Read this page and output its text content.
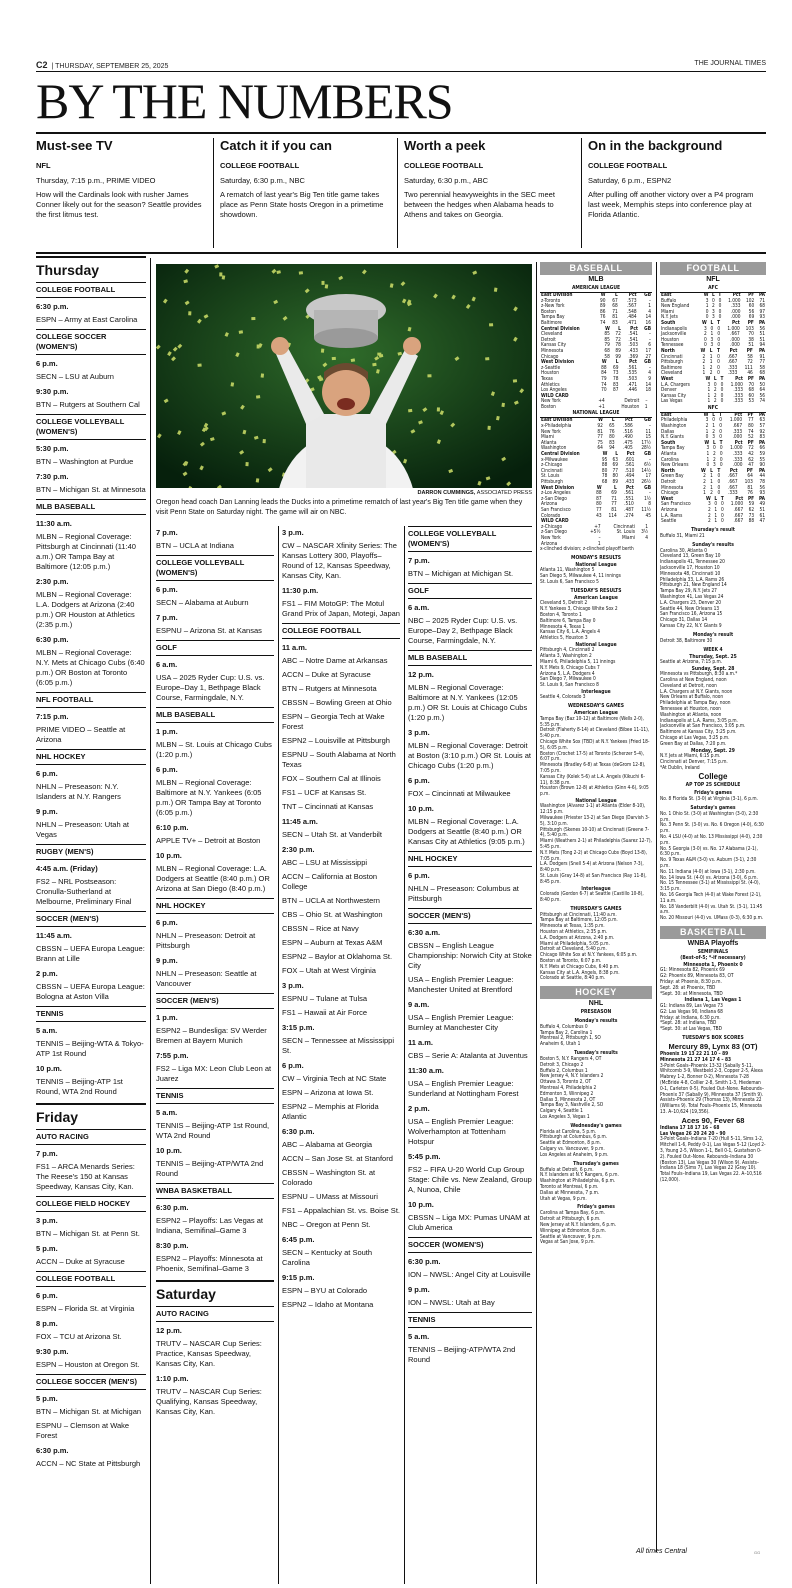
C2 | THURSDAY, SEPTEMBER 25, 2025	THE JOURNAL TIMES
BY THE NUMBERS
Must-see TV
NFL
Thursday, 7:15 p.m., PRIME VIDEO
How will the Cardinals look with rusher James Conner likely out for the season? Seattle provides the first litmus test.
Catch it if you can
COLLEGE FOOTBALL
Saturday, 6:30 p.m., NBC
A rematch of last year's Big Ten title game takes place as Penn State hosts Oregon in a primetime showdown.
Worth a peek
COLLEGE FOOTBALL
Saturday, 6:30 p.m., ABC
Two perennial heavyweights in the SEC meet between the hedges when Alabama heads to Athens and takes on Georgia.
On in the background
COLLEGE FOOTBALL
Saturday, 6 p.m., ESPN2
After pulling off another victory over a P4 program last week, Memphis steps into conference play at Florida Atlantic.
Thursday
COLLEGE FOOTBALL
6:30 p.m.
ESPN – Army at East Carolina
COLLEGE SOCCER (WOMEN'S)
6 p.m.
SECN – LSU at Auburn
9:30 p.m.
BTN – Rutgers at Southern Cal
COLLEGE VOLLEYBALL (WOMEN'S)
5:30 p.m.
BTN – Washington at Purdue
7:30 p.m.
BTN – Michigan St. at Minnesota
MLB BASEBALL
11:30 a.m.
MLBN – Regional Coverage: Pittsburgh at Cincinnati (11:40 a.m.) OR Tampa Bay at Baltimore (12:05 p.m.)
2:30 p.m.
MLBN – Regional Coverage: L.A. Dodgers at Arizona (2:40 p.m.) OR Houston at Athletics (2:35 p.m.)
6:30 p.m.
MLBN – Regional Coverage: N.Y. Mets at Chicago Cubs (6:40 p.m.) OR Boston at Toronto (6:05 p.m.)
NFL FOOTBALL
7:15 p.m.
PRIME VIDEO – Seattle at Arizona
NHL HOCKEY
6 p.m.
NHLN – Preseason: N.Y. Islanders at N.Y. Rangers
9 p.m.
NHLN – Preseason: Utah at Vegas
RUGBY (MEN'S)
4:45 a.m. (Friday)
FS2 – NRL Postseason: Cronulla-Sutherland at Melbourne, Preliminary Final
SOCCER (MEN'S)
11:45 a.m.
CBSSN – UEFA Europa League: Brann at Lille
2 p.m.
CBSSN – UEFA Europa League: Bologna at Aston Villa
TENNIS
5 a.m.
TENNIS – Beijing-WTA & Tokyo-ATP 1st Round
10 p.m.
TENNIS – Beijing-ATP 1st Round, WTA 2nd Round
Friday
AUTO RACING
7 p.m.
FS1 – ARCA Menards Series: The Reese's 150 at Kansas Speedway, Kansas City, Kan.
COLLEGE FIELD HOCKEY
3 p.m.
BTN – Michigan St. at Penn St.
5 p.m.
ACCN – Duke at Syracuse
COLLEGE FOOTBALL
6 p.m.
ESPN – Florida St. at Virginia
8 p.m.
FOX – TCU at Arizona St.
9:30 p.m.
ESPN – Houston at Oregon St.
COLLEGE SOCCER (MEN'S)
5 p.m.
BTN – Michigan St. at Michigan
ESPNU – Clemson at Wake Forest
6:30 p.m.
ACCN – NC State at Pittsburgh
DARRON CUMMINGS, ASSOCIATED PRESS
Oregon head coach Dan Lanning leads the Ducks into a primetime rematch of last year's Big Ten title game when they visit Penn State on Saturday night. The game will air on NBC.
7 p.m.
BTN – UCLA at Indiana
COLLEGE VOLLEYBALL (WOMEN'S)
6 p.m.
SECN – Alabama at Auburn
7 p.m.
ESPNU – Arizona St. at Kansas
GOLF
6 a.m.
USA – 2025 Ryder Cup: U.S. vs. Europe–Day 1, Bethpage Black Course, Farmingdale, N.Y.
MLB BASEBALL
1 p.m.
MLBN – St. Louis at Chicago Cubs (1:20 p.m.)
6 p.m.
MLBN – Regional Coverage: Baltimore at N.Y. Yankees (6:05 p.m.) OR Tampa Bay at Toronto (6:05 p.m.)
6:10 p.m.
APPLE TV+ – Detroit at Boston
10 p.m.
MLBN – Regional Coverage: L.A. Dodgers at Seattle (8:40 p.m.) OR Arizona at San Diego (8:40 p.m.)
NHL HOCKEY
6 p.m.
NHLN – Preseason: Detroit at Pittsburgh
9 p.m.
NHLN – Preseason: Seattle at Vancouver
SOCCER (MEN'S)
1 p.m.
ESPN2 – Bundesliga: SV Werder Bremen at Bayern Munich
7:55 p.m.
FS2 – Liga MX: Leon Club Leon at Juarez
TENNIS
5 a.m.
TENNIS – Beijing-ATP 1st Round, WTA 2nd Round
10 p.m.
TENNIS – Beijing-ATP/WTA 2nd Round
WNBA BASKETBALL
6:30 p.m.
ESPN2 – Playoffs: Las Vegas at Indiana, Semifinal–Game 3
8:30 p.m.
ESPN2 – Playoffs: Minnesota at Phoenix, Semifinal–Game 3
Saturday
AUTO RACING
12 p.m.
TRUTV – NASCAR Cup Series: Practice, Kansas Speedway, Kansas City, Kan.
1:10 p.m.
TRUTV – NASCAR Cup Series: Qualifying, Kansas Speedway, Kansas City, Kan.
3 p.m.
CW – NASCAR Xfinity Series: The Kansas Lottery 300, Playoffs–Round of 12, Kansas Speedway, Kansas City, Kan.
11:30 p.m.
FS1 – FIM MotoGP: The Motul Grand Prix of Japan, Motegi, Japan
COLLEGE FOOTBALL
11 a.m.
ABC – Notre Dame at Arkansas
ACCN – Duke at Syracuse
BTN – Rutgers at Minnesota
CBSSN – Bowling Green at Ohio
ESPN – Georgia Tech at Wake Forest
ESPN2 – Louisville at Pittsburgh
ESPNU – South Alabama at North Texas
FOX – Southern Cal at Illinois
FS1 – UCF at Kansas St.
TNT – Cincinnati at Kansas
11:45 a.m.
SECN – Utah St. at Vanderbilt
2:30 p.m.
ABC – LSU at Mississippi
ACCN – California at Boston College
BTN – UCLA at Northwestern
CBS – Ohio St. at Washington
CBSSN – Rice at Navy
ESPN – Auburn at Texas A&M
ESPN2 – Baylor at Oklahoma St.
FOX – Utah at West Virginia
3 p.m.
ESPNU – Tulane at Tulsa
FS1 – Hawaii at Air Force
3:15 p.m.
SECN – Tennessee at Mississippi St.
6 p.m.
CW – Virginia Tech at NC State
ESPN – Arizona at Iowa St.
ESPN2 – Memphis at Florida Atlantic
6:30 p.m.
ABC – Alabama at Georgia
ACCN – San Jose St. at Stanford
CBSSN – Washington St. at Colorado
ESPNU – UMass at Missouri
FS1 – Appalachian St. vs. Boise St.
NBC – Oregon at Penn St.
6:45 p.m.
SECN – Kentucky at South Carolina
9:15 p.m.
ESPN – BYU at Colorado
ESPN2 – Idaho at Montana
COLLEGE VOLLEYBALL (WOMEN'S)
7 p.m.
BTN – Michigan at Michigan St.
GOLF
6 a.m.
NBC – 2025 Ryder Cup: U.S. vs. Europe–Day 2, Bethpage Black Course, Farmingdale, N.Y.
MLB BASEBALL
12 p.m.
MLBN – Regional Coverage: Baltimore at N.Y. Yankees (12:05 p.m.) OR St. Louis at Chicago Cubs (1:20 p.m.)
3 p.m.
MLBN – Regional Coverage: Detroit at Boston (3:10 p.m.) OR St. Louis at Chicago Cubs (1:20 p.m.)
6 p.m.
FOX – Cincinnati at Milwaukee
10 p.m.
MLBN – Regional Coverage: L.A. Dodgers at Seattle (8:40 p.m.) OR Kansas City at Athletics (9:05 p.m.)
NHL HOCKEY
6 p.m.
NHLN – Preseason: Columbus at Pittsburgh
SOCCER (MEN'S)
6:30 a.m.
CBSSN – English League Championship: Norwich City at Stoke City
USA – English Premier League: Manchester United at Brentford
9 a.m.
USA – English Premier League: Burnley at Manchester City
11 a.m.
CBS – Serie A: Atalanta at Juventus
11:30 a.m.
USA – English Premier League: Sunderland at Nottingham Forest
2 p.m.
USA – English Premier League: Wolverhampton at Tottenham Hotspur
5:45 p.m.
FS2 – FIFA U-20 World Cup Group Stage: Chile vs. New Zealand, Group A, Nunoa, Chile
10 p.m.
CBSSN – Liga MX: Pumas UNAM at Club America
SOCCER (WOMEN'S)
6:30 p.m.
ION – NWSL: Angel City at Louisville
9 p.m.
ION – NWSL: Utah at Bay
TENNIS
5 a.m.
TENNIS – Beijing-ATP/WTA 2nd Round
BASEBALL
MLB
AMERICAN LEAGUE
East Division	W	L	Pct	GB
z-Toronto	90	67	.573	–
z-New York	89	68	.567	1
Boston	86	71	.548	4
Tampa Bay	76	81	.484	14
Baltimore	74	83	.471	16
Central Division	W	L	Pct	GB
Cleveland	85	72	.541	–
Detroit	85	72	.541	–
Kansas City	79	78	.503	6
Minnesota	68	89	.433	17
Chicago	58	99	.369	27
West Division	W	L	Pct	GB
z-Seattle	88	69	.561	–
Houston	84	73	.535	4
Texas	79	78	.503	9
Athletics	74	83	.471	14
Los Angeles	70	87	.446	18
WILD CARD				
New York	+4	Detroit	–	
Boston	+1	Houston	1	
NATIONAL LEAGUE
East Division	W	L	Pct	GB
x-Philadelphia	92	65	.586	–
New York	81	76	.516	11
Miami	77	80	.490	15
Atlanta	75	83	.475	17½
Washington	64	94	.405	28½
Central Division	W	L	Pct	GB
x-Milwaukee	95	63	.601	–
z-Chicago	88	69	.561	6½
Cincinnati	80	77	.510	14½
St. Louis	78	80	.494	17
Pittsburgh	68	89	.433	26½
West Division	W	L	Pct	GB
z-Los Angeles	88	69	.561	–
z-San Diego	87	71	.551	1½
Arizona	80	77	.510	8
San Francisco	77	81	.487	11½
Colorado	43	114	.274	45
WILD CARD				
z-Chicago	+7	Cincinnati	1	
z-San Diego	+5½	St. Louis	3½	
New York	–	Miami	4	
Arizona	1			
x-clinched division; z-clinched playoff berth
MONDAY'S RESULTS
National League
Atlanta 11, Washington 5
San Diego 5, Milwaukee 4, 11 innings
St. Louis 6, San Francisco 5
TUESDAY'S RESULTS
American League
Cleveland 5, Detroit 2
N.Y. Yankees 3, Chicago White Sox 2
Boston 4, Toronto 1
Baltimore 6, Tampa Bay 0
Minnesota 4, Texas 1
Kansas City 6, L.A. Angels 4
Athletics 5, Houston 3
National League
Pittsburgh 4, Cincinnati 2
Atlanta 3, Washington 2
Miami 6, Philadelphia 5, 11 innings
N.Y. Mets 9, Chicago Cubs 7
Arizona 5, L.A. Dodgers 4
San Diego 7, Milwaukee 0
St. Louis 9, San Francisco 8
Interleague
Seattle 4, Colorado 3
WEDNESDAY'S GAMES
American League
Tampa Bay (Baz 10-12) at Baltimore (Wells 2-0), 5:35 p.m.
Detroit (Flaherty 8-14) at Cleveland (Bibee 11-11), 5:40 p.m.
Chicago White Sox (TBD) at N.Y. Yankees (Fried 18-5), 6:05 p.m.
Boston (Crochet 17-5) at Toronto (Scherzer 5-4), 6:07 p.m.
Minnesota (Bradley 6-8) at Texas (deGrom 12-8), 7:05 p.m.
Kansas City (Kolek 5-6) at L.A. Angels (Kikuchi 6-11), 8:38 p.m.
Houston (Brown 12-8) at Athletics (Ginn 4-6), 9:05 p.m.
National League
Washington (Alvarez 1-1) at Atlanta (Elder 8-10), 12:15 p.m.
Milwaukee (Priester 13-2) at San Diego (Darvish 3-5), 3:10 p.m.
Pittsburgh (Skenes 10-10) at Cincinnati (Greene 7-4), 5:40 p.m.
Miami (Weathers 2-1) at Philadelphia (Suarez 12-7), 5:45 p.m.
N.Y. Mets (Tong 2-2) at Chicago Cubs (Boyd 13-8), 7:05 p.m.
L.A. Dodgers (Snell 5-4) at Arizona (Nelson 7-3), 8:40 p.m.
St. Louis (Gray 14-8) at San Francisco (Ray 11-8), 8:45 p.m.
Interleague
Colorado (Gordon 6-7) at Seattle (Castillo 10-8), 8:40 p.m.
THURSDAY'S GAMES
Pittsburgh at Cincinnati, 11:40 a.m.
Tampa Bay at Baltimore, 12:05 p.m.
Minnesota at Texas, 1:35 p.m.
Houston at Athletics, 2:35 p.m.
L.A. Dodgers at Arizona, 2:40 p.m.
Miami at Philadelphia, 5:05 p.m.
Detroit at Cleveland, 5:40 p.m.
Chicago White Sox at N.Y. Yankees, 6:05 p.m.
Boston at Toronto, 6:07 p.m.
N.Y. Mets at Chicago Cubs, 6:40 p.m.
Kansas City at L.A. Angels, 8:38 p.m.
Colorado at Seattle, 8:40 p.m.
HOCKEY
NHL
PRESEASON
Monday's results
Buffalo 4, Columbus 0
Tampa Bay 2, Carolina 1
Montreal 2, Pittsburgh 1, SO
Anaheim 6, Utah 1
Tuesday's results
Boston 5, N.Y. Rangers 4, OT
Detroit 3, Chicago 2
Buffalo 2, Columbus 1
New Jersey 4, N.Y. Islanders 2
Ottawa 3, Toronto 2, OT
Montreal 4, Philadelphia 2
Edmonton 3, Winnipeg 2
Dallas 3, Minnesota 2, OT
Tampa Bay 3, Nashville 2, SO
Calgary 4, Seattle 1
Los Angeles 3, Vegas 1
Wednesday's games
Florida at Carolina, 5 p.m.
Pittsburgh at Columbus, 6 p.m.
Seattle at Edmonton, 8 p.m.
Calgary vs. Vancouver, 9 p.m.
Los Angeles at Anaheim, 9 p.m.
Thursday's games
Buffalo at Detroit, 6 p.m.
N.Y. Islanders at N.Y. Rangers, 6 p.m.
Washington at Philadelphia, 6 p.m.
Toronto at Montreal, 6 p.m.
Dallas at Minnesota, 7 p.m.
Utah at Vegas, 9 p.m.
Friday's games
Carolina at Tampa Bay, 6 p.m.
Detroit at Pittsburgh, 6 p.m.
New Jersey at N.Y. Islanders, 6 p.m.
Winnipeg at Edmonton, 8 p.m.
Seattle at Vancouver, 9 p.m.
Vegas at San Jose, 9 p.m.
FOOTBALL
NFL
AFC
East	W	L	T	Pct	PF	PA
Buffalo	3	0	0	1.000	102	71
New England	1	2	0	.333	60	68
Miami	0	3	0	.000	56	97
N.Y. Jets	0	3	0	.000	69	93
South	W	L	T	Pct	PF	PA
Indianapolis	3	0	0	1.000	103	56
Jacksonville	2	1	0	.667	70	51
Houston	0	3	0	.000	38	51
Tennessee	0	3	0	.000	51	94
North	W	L	T	Pct	PF	PA
Cincinnati	2	1	0	.667	58	91
Pittsburgh	2	1	0	.667	72	77
Baltimore	1	2	0	.333	111	58
Cleveland	1	2	0	.333	46	68
West	W	L	T	Pct	PF	PA
L.A. Chargers	3	0	0	1.000	70	50
Denver	1	2	0	.333	68	64
Kansas City	1	2	0	.333	60	56
Las Vegas	1	2	0	.333	53	74
NFC
East	W	L	T	Pct	PF	PA
Philadelphia	3	0	0	1.000	77	63
Washington	2	1	0	.667	80	57
Dallas	1	2	0	.333	74	92
N.Y. Giants	0	3	0	.000	52	83
South	W	L	T	Pct	PF	PA
Tampa Bay	3	0	0	1.000	72	66
Atlanta	1	2	0	.333	42	59
Carolina	1	2	0	.333	62	55
New Orleans	0	3	0	.000	47	90
North	W	L	T	Pct	PF	PA
Green Bay	2	1	0	.667	64	44
Detroit	2	1	0	.667	103	78
Minnesota	2	1	0	.667	81	56
Chicago	1	2	0	.333	76	93
West	W	L	T	Pct	PF	PA
San Francisco	3	0	0	1.000	59	49
Arizona	2	1	0	.667	62	51
L.A. Rams	2	1	0	.667	73	61
Seattle	2	1	0	.667	88	47
Thursday's result
Buffalo 31, Miami 21
Sunday's results
Carolina 30, Atlanta 0
Cleveland 13, Green Bay 10
Indianapolis 41, Tennessee 20
Jacksonville 17, Houston 10
Minnesota 48, Cincinnati 10
Philadelphia 33, L.A. Rams 26
Pittsburgh 21, New England 14
Tampa Bay 29, N.Y. Jets 27
Washington 41, Las Vegas 24
L.A. Chargers 23, Denver 20
Seattle 44, New Orleans 13
San Francisco 16, Arizona 15
Chicago 31, Dallas 14
Kansas City 22, N.Y. Giants 9
Monday's result
Detroit 38, Baltimore 30
WEEK 4
Thursday, Sept. 25
Seattle at Arizona, 7:15 p.m.
Sunday, Sept. 28
Minnesota vs Pittsburgh, 8:30 a.m.*
Carolina at New England, noon
Cleveland at Detroit, noon
L.A. Chargers at N.Y. Giants, noon
New Orleans at Buffalo, noon
Philadelphia at Tampa Bay, noon
Tennessee at Houston, noon
Washington at Atlanta, noon
Indianapolis at L.A. Rams, 3:05 p.m.
Jacksonville at San Francisco, 3:05 p.m.
Baltimore at Kansas City, 3:25 p.m.
Chicago at Las Vegas, 3:25 p.m.
Green Bay at Dallas, 7:20 p.m.
Monday, Sept. 29
N.Y. Jets at Miami, 6:15 p.m.
Cincinnati at Denver, 7:15 p.m.
*At Dublin, Ireland
College
AP TOP 25 SCHEDULE
Friday's games
No. 8 Florida St. (3-0) at Virginia (3-1), 6 p.m.
Saturday's games
No. 1 Ohio St. (3-0) at Washington (3-0), 2:30 p.m.
No. 3 Penn St. (3-0) vs. No. 6 Oregon (4-0), 6:30 p.m.
No. 4 LSU (4-0) at No. 13 Mississippi (4-0), 2:30 p.m.
No. 5 Georgia (3-0) vs. No. 17 Alabama (2-1), 6:30 p.m.
No. 9 Texas A&M (3-0) vs. Auburn (3-1), 2:30 p.m.
No. 11 Indiana (4-0) at Iowa (3-1), 2:30 p.m.
No. 14 Iowa St. (4-0) vs. Arizona (3-0), 6 p.m.
No. 15 Tennessee (3-1) at Mississippi St. (4-0), 3:15 p.m.
No. 16 Georgia Tech (4-0) at Wake Forest (2-1), 11 a.m.
No. 18 Vanderbilt (4-0) vs. Utah St. (3-1), 11:45 a.m.
No. 20 Missouri (4-0) vs. UMass (0-3), 6:30 p.m.
BASKETBALL
WNBA Playoffs
SEMIFINALS
(Best-of-5; *-if necessary)
Minnesota 1, Phoenix 0
G1: Minnesota 82, Phoenix 69
G2: Phoenix 89, Minnesota 83, OT
Friday: at Phoenix, 8:30 p.m.
Sept. 28: at Phoenix, TBD
*Sept. 30: at Minnesota, TBD
Indiana 1, Las Vegas 1
G1: Indiana 89, Las Vegas 73
G2: Las Vegas 90, Indiana 68
Friday: at Indiana, 6:30 p.m.
*Sept. 28: at Indiana, TBD
*Sept. 30: at Las Vegas, TBD
TUESDAY'S BOX SCORES
Mercury 89, Lynx 83 (OT)
Phoenix 19 13 22 21 10 – 89
Minnesota 21 27 14 17 4 – 83
3-Point Goals–Phoenix 13-32 (Sabally 5-11, Whitcomb 3-9, Westbeld 2-3, Copper 2-5, Alexa Mabrey 1-2, Bonner 0-2), Minnesota 7-28 (McBride 4-8, Collier 2-8, Smith 1-3, Hiedeman 0-1, Carleton 0-5). Fouled Out–None. Rebounds–Phoenix 37 (Sabally 9), Minnesota 37 (Smith 9). Assists–Phoenix 29 (Thomas 13), Minnesota 22 (Williams 9). Total Fouls–Phoenix 15, Minnesota 13. A–10,624 (19,356).
Aces 90, Fever 68
Indiana 17 18 17 16 – 68
Las Vegas 26 20 24 20 – 90
3-Point Goals–Indiana 7-20 (Hull 5-11, Sims 1-2, Mitchell 1-6, Peddy 0-1), Las Vegas 5-12 (Loyd 2-3, Young 2-5, Wilson 1-1, Bell 0-1, Gustafson 0-2). Fouled Out–None. Rebounds–Indiana 30 (Boston 13), Las Vegas 30 (Wilson 9). Assists–Indiana 18 (Sims 7), Las Vegas 22 (Gray 10). Total Fouls–Indiana 19, Las Vegas 22. A–10,516 (12,000).
All times Central	GG
